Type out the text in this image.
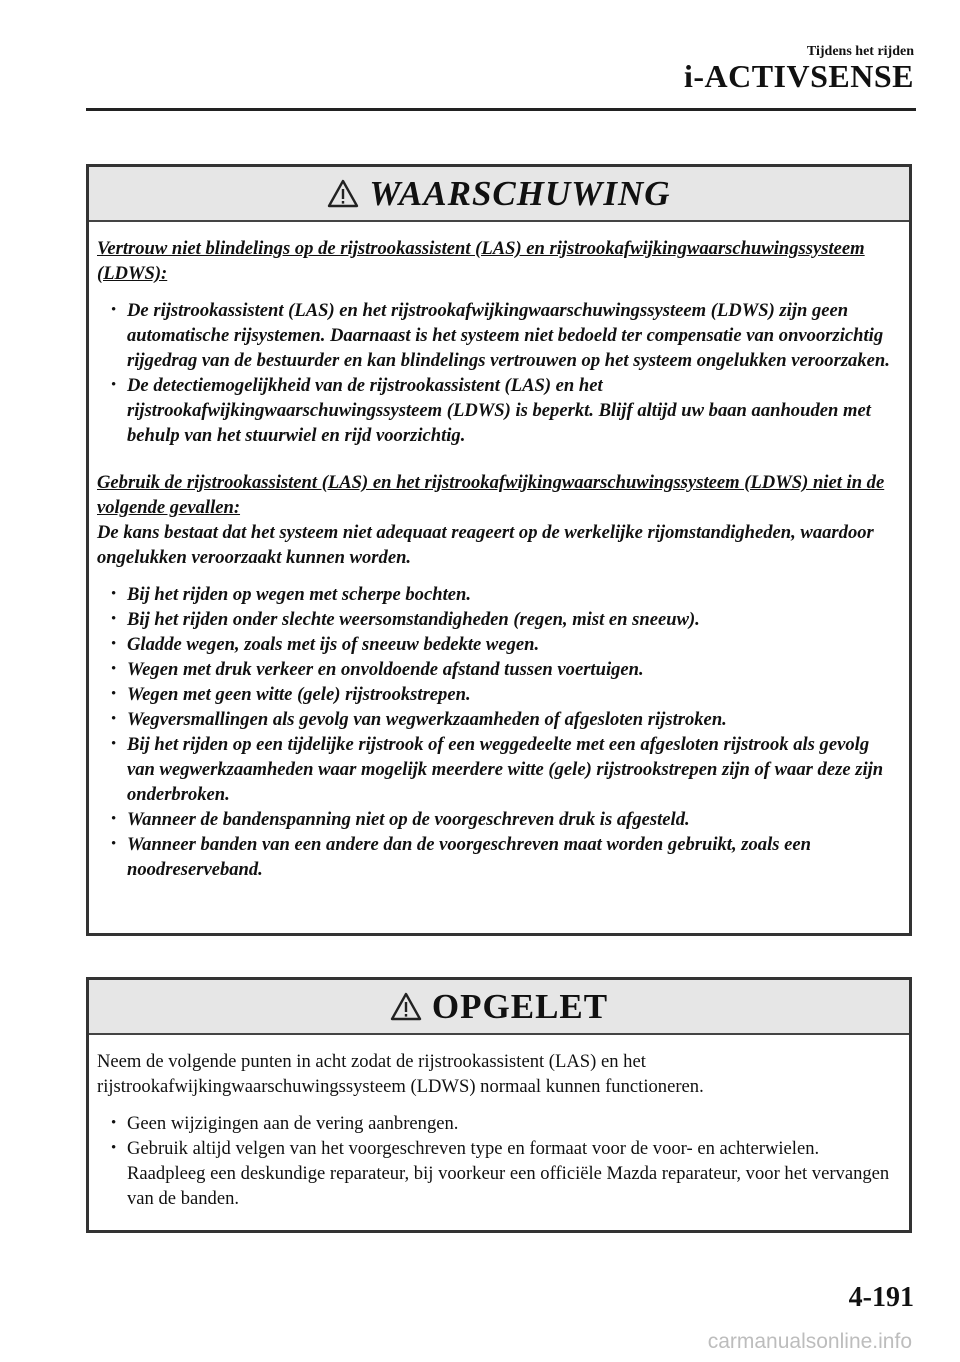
Tijdens het rijden
i-ACTIVSENSE
WAARSCHUWING
Vertrouw niet blindelings op de rijstrookassistent (LAS) en rijstrookafwijkingwaarschuwingssysteem (LDWS):
• De rijstrookassistent (LAS) en het rijstrookafwijkingwaarschuwingssysteem (LDWS) zijn geen automatische rijsystemen. Daarnaast is het systeem niet bedoeld ter compensatie van onvoorzichtig rijgedrag van de bestuurder en kan blindelings vertrouwen op het systeem ongelukken veroorzaken.
• De detectiemogelijkheid van de rijstrookassistent (LAS) en het rijstrookafwijkingwaarschuwingssysteem (LDWS) is beperkt. Blijf altijd uw baan aanhouden met behulp van het stuurwiel en rijd voorzichtig.
Gebruik de rijstrookassistent (LAS) en het rijstrookafwijkingwaarschuwingssysteem (LDWS) niet in de volgende gevallen:
De kans bestaat dat het systeem niet adequaat reageert op de werkelijke rijomstandigheden, waardoor ongelukken veroorzaakt kunnen worden.
• Bij het rijden op wegen met scherpe bochten.
• Bij het rijden onder slechte weersomstandigheden (regen, mist en sneeuw).
• Gladde wegen, zoals met ijs of sneeuw bedekte wegen.
• Wegen met druk verkeer en onvoldoende afstand tussen voertuigen.
• Wegen met geen witte (gele) rijstrookstrepen.
• Wegversmallingen als gevolg van wegwerkzaamheden of afgesloten rijstroken.
• Bij het rijden op een tijdelijke rijstrook of een weggedeelte met een afgesloten rijstrook als gevolg van wegwerkzaamheden waar mogelijk meerdere witte (gele) rijstrookstrepen zijn of waar deze zijn onderbroken.
• Wanneer de bandenspanning niet op de voorgeschreven druk is afgesteld.
• Wanneer banden van een andere dan de voorgeschreven maat worden gebruikt, zoals een noodreserveband.
OPGELET
Neem de volgende punten in acht zodat de rijstrookassistent (LAS) en het rijstrookafwijkingwaarschuwingssysteem (LDWS) normaal kunnen functioneren.
• Geen wijzigingen aan de vering aanbrengen.
• Gebruik altijd velgen van het voorgeschreven type en formaat voor de voor- en achterwielen. Raadpleeg een deskundige reparateur, bij voorkeur een officiële Mazda reparateur, voor het vervangen van de banden.
4-191
carmanualsonline.info
